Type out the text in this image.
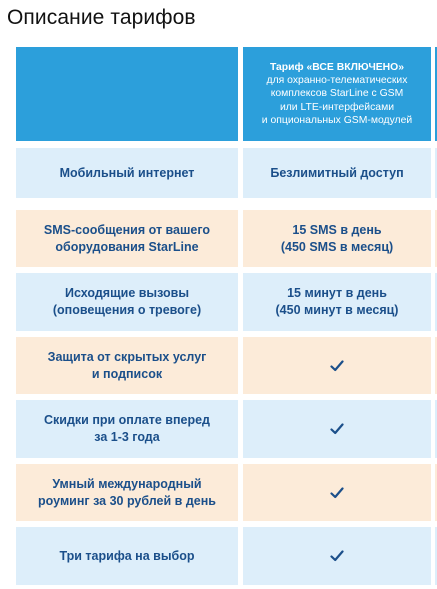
Описание тарифов
Тариф «ВСЕ ВКЛЮЧЕНО»
для охранно-телематических
комплексов StarLine с GSM
или LTE-интерфейсами
и опциональных GSM-модулей
Мобильный интернет	Безлимитный доступ
SMS-сообщения от вашего
оборудования StarLine
15 SMS в день
(450 SMS в месяц)
Исходящие вызовы
(оповещения о тревоге)
15 минут в день
(450 минут в месяц)
Защита от скрытых услуг
и подписок
Скидки при оплате вперед
за 1-3 года
Умный международный
роуминг за 30 рублей в день
Три тарифа на выбор
